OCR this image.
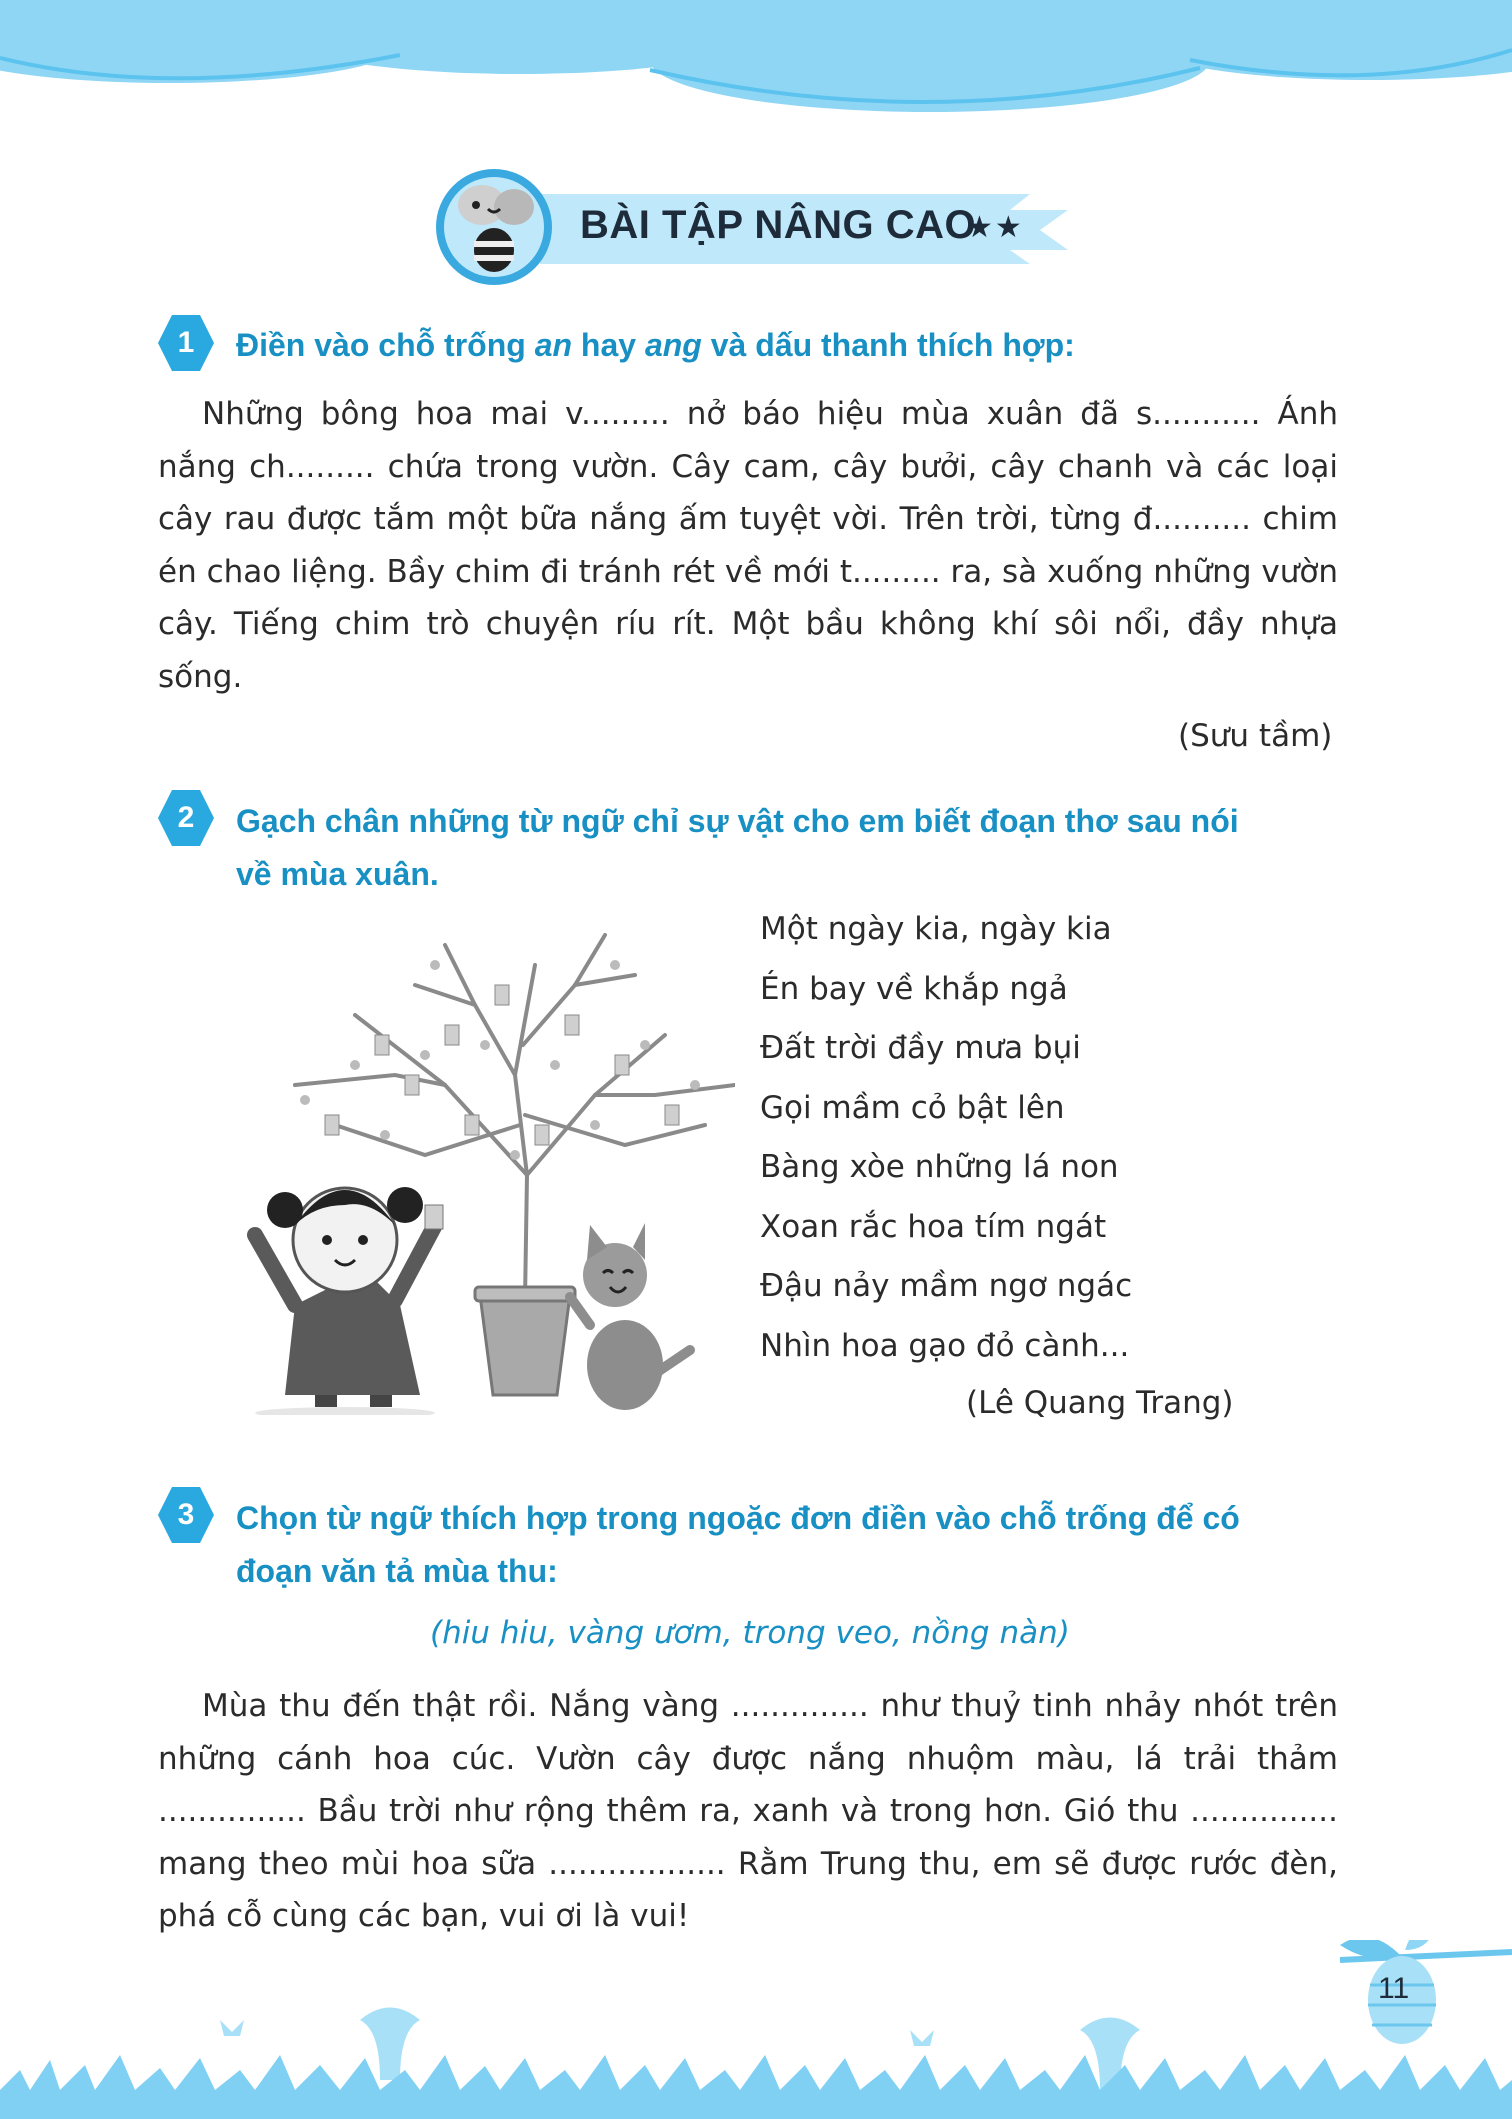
BÀI TẬP NÂNG CAO
★★
1	Điền vào chỗ trống an hay ang và dấu thanh thích hợp:

Những bông hoa mai v......... nở báo hiệu mùa xuân đã s........... Ánh nắng ch......... chứa trong vườn. Cây cam, cây bưởi, cây chanh và các loại cây rau được tắm một bữa nắng ấm tuyệt vời. Trên trời, từng đ.......... chim én chao liệng. Bầy chim đi tránh rét về mới t......... ra, sà xuống những vườn cây. Tiếng chim trò chuyện ríu rít. Một bầu không khí sôi nổi, đầy nhựa sống.

(Sưu tầm)
2	Gạch chân những từ ngữ chỉ sự vật cho em biết đoạn thơ sau nói
về mùa xuân.
Một ngày kia, ngày kia
Én bay về khắp ngả
Đất trời đầy mưa bụi
Gọi mầm cỏ bật lên
Bàng xòe những lá non
Xoan rắc hoa tím ngát
Đậu nảy mầm ngơ ngác
Nhìn hoa gạo đỏ cành...
(Lê Quang Trang)
3	Chọn từ ngữ thích hợp trong ngoặc đơn điền vào chỗ trống để có
đoạn văn tả mùa thu:
(hiu hiu, vàng ươm, trong veo, nồng nàn)

Mùa thu đến thật rồi. Nắng vàng .............. như thuỷ tinh nhảy nhót trên những cánh hoa cúc. Vườn cây được nắng nhuộm màu, lá trải thảm ............... Bầu trời như rộng thêm ra, xanh và trong hơn. Gió thu ............... mang theo mùi hoa sữa .................. Rằm Trung thu, em sẽ được rước đèn, phá cỗ cùng các bạn, vui ơi là vui!

11
